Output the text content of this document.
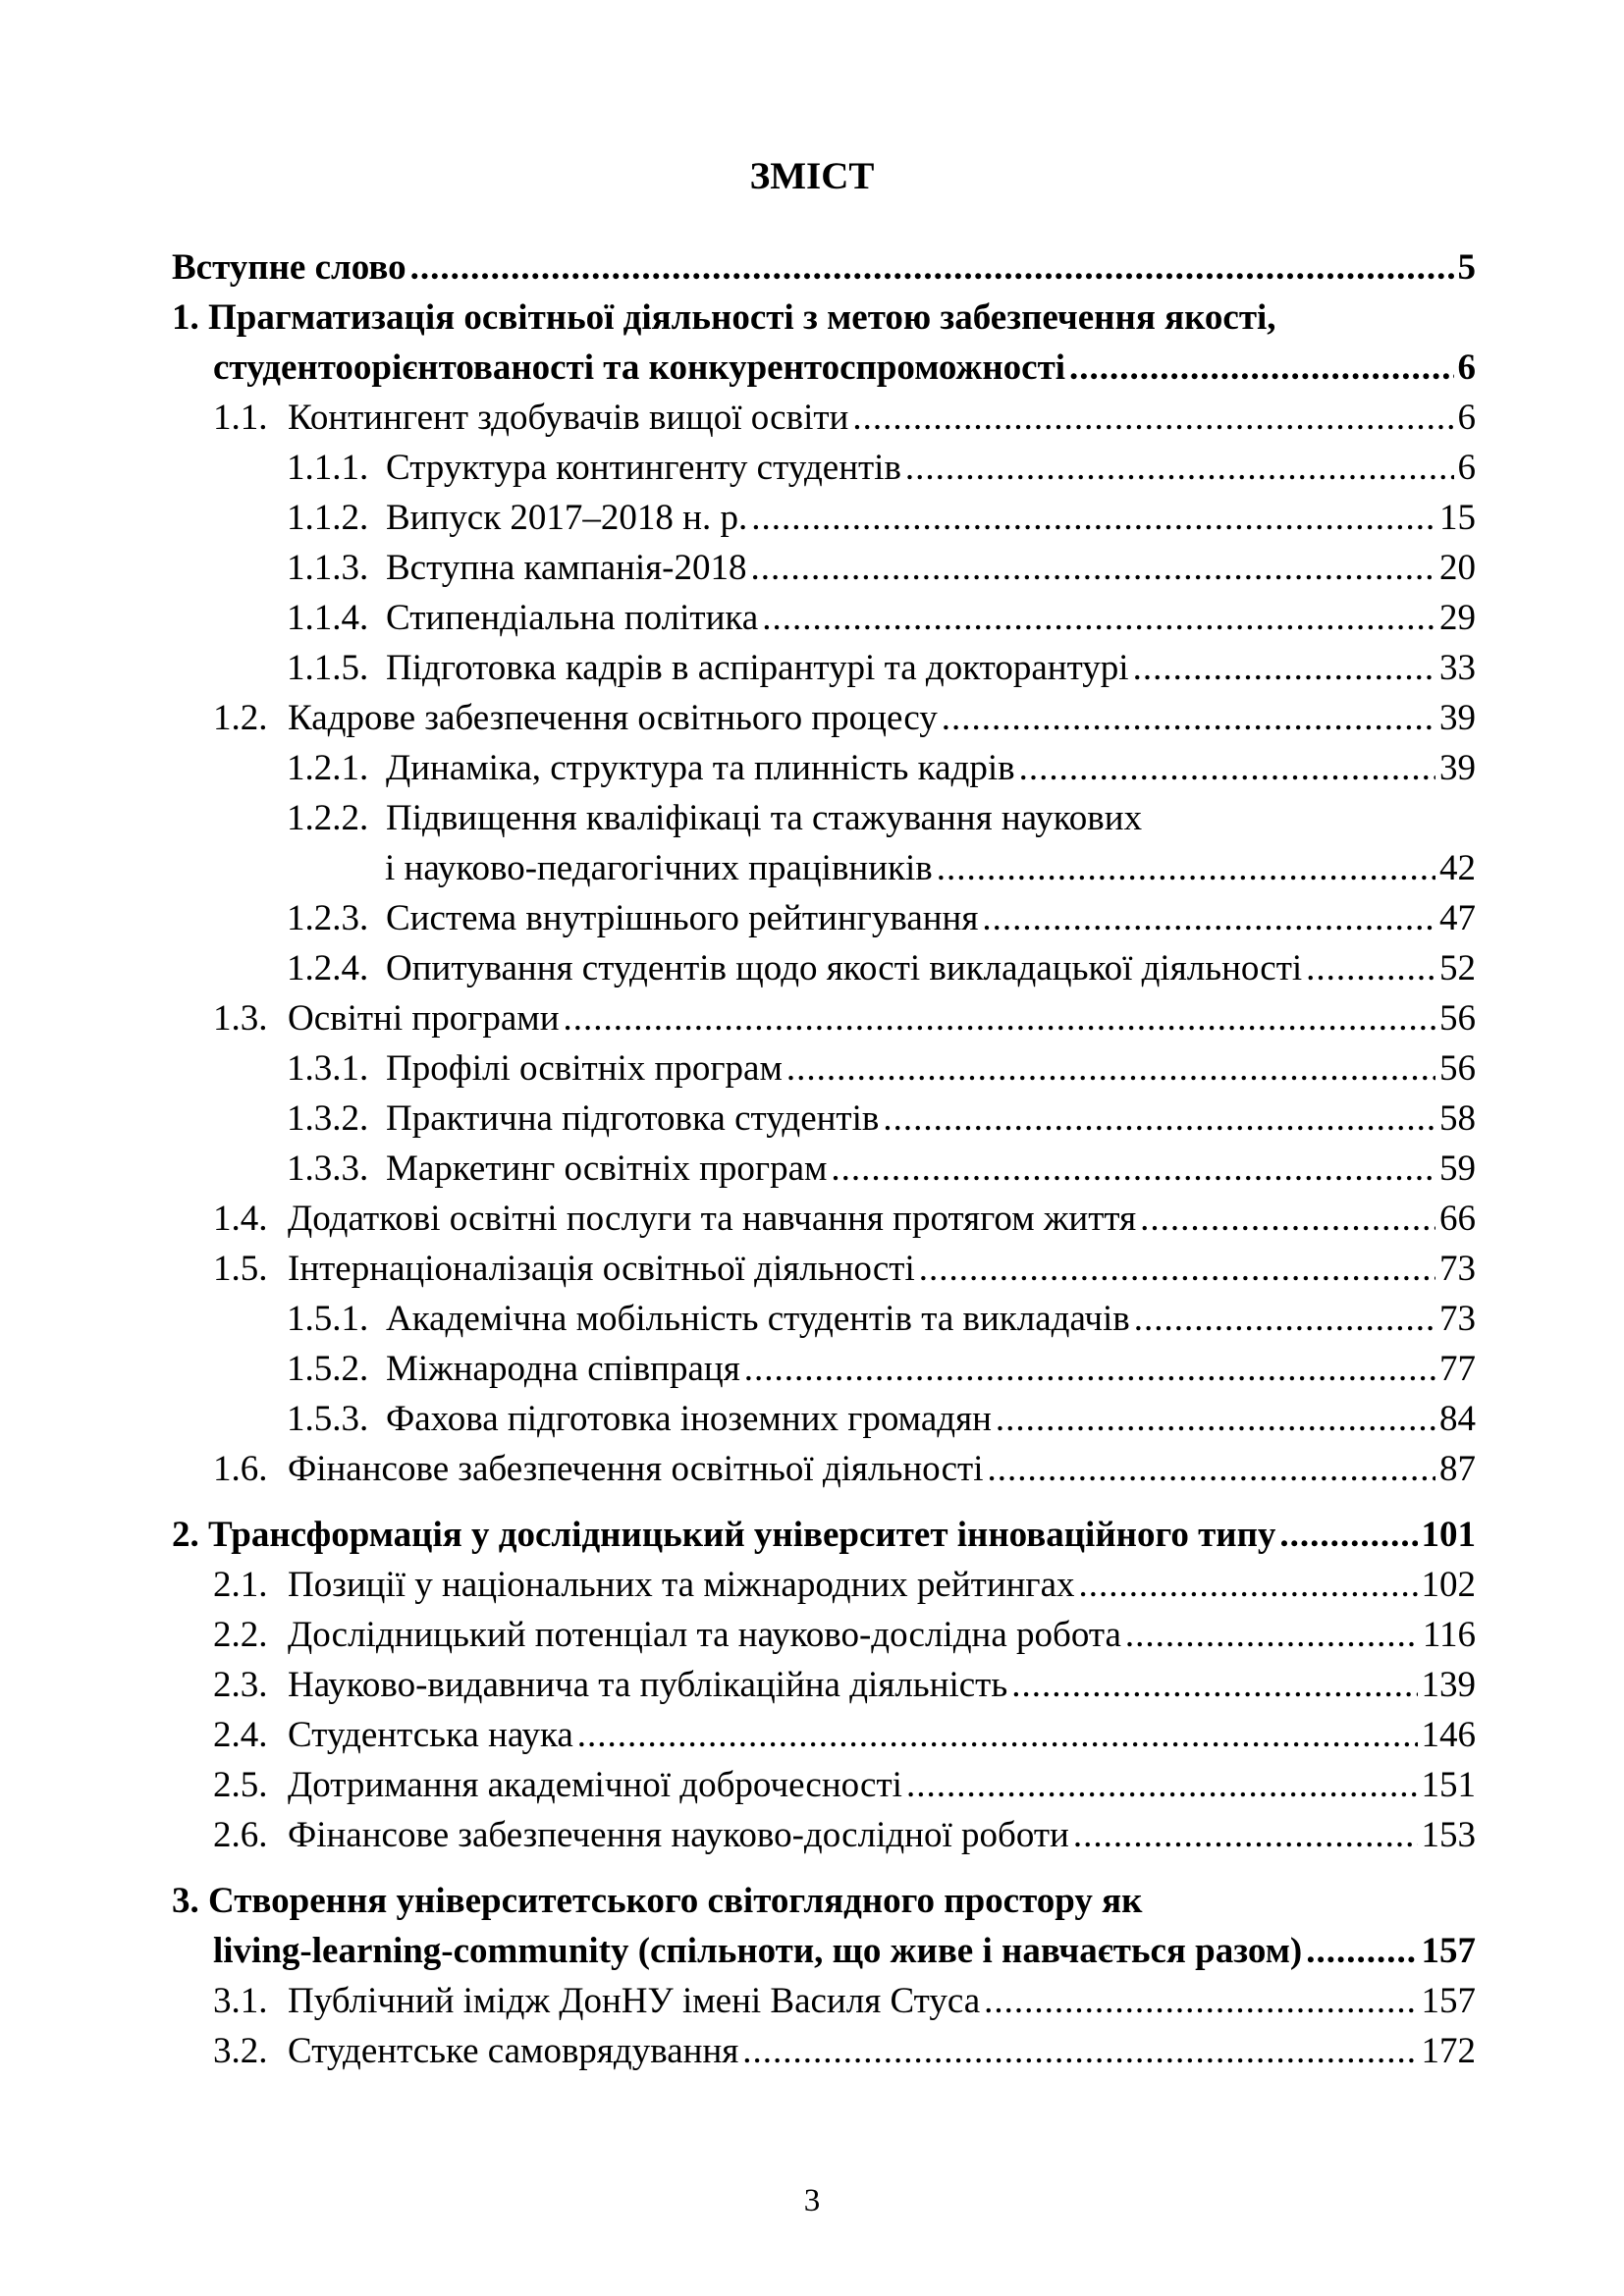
ЗМІСТ
Вступне слово .....	5
1. Прагматизація освітньої діяльності з метою забезпечення якості,
студентоорієнтованості та конкурентоспроможності .....	6
1.1. Контингент здобувачів вищої освіти .....	6
1.1.1. Структура контингенту студентів .....	6
1.1.2. Випуск 2017–2018 н. р. .....	15
1.1.3. Вступна кампанія-2018 .....	20
1.1.4. Стипендіальна політика .....	29
1.1.5. Підготовка кадрів в аспірантурі та докторантурі .....	33
1.2. Кадрове забезпечення освітнього процесу .....	39
1.2.1. Динаміка, структура та плинність кадрів .....	39
1.2.2. Підвищення кваліфікаці та стажування наукових
і науково-педагогічних працівників .....	42
1.2.3. Система внутрішнього рейтингування .....	47
1.2.4. Опитування студентів щодо якості викладацької діяльності .....	52
1.3. Освітні програми .....	56
1.3.1. Профілі освітніх програм .....	56
1.3.2. Практична підготовка студентів .....	58
1.3.3. Маркетинг освітніх програм .....	59
1.4. Додаткові освітні послуги та навчання протягом життя .....	66
1.5. Інтернаціоналізація освітньої діяльності .....	73
1.5.1. Академічна мобільність студентів та викладачів .....	73
1.5.2. Міжнародна співпраця .....	77
1.5.3. Фахова підготовка іноземних громадян .....	84
1.6. Фінансове забезпечення освітньої діяльності .....	87
2. Трансформація у дослідницький університет інноваційного типу .....	101
2.1. Позиції у національних та міжнародних рейтингах .....	102
2.2. Дослідницький потенціал та науково-дослідна робота .....	116
2.3. Науково-видавнича та публікаційна діяльність .....	139
2.4. Студентська наука .....	146
2.5. Дотримання академічної доброчесності .....	151
2.6. Фінансове забезпечення науково-дослідної роботи .....	153
3. Створення університетського світоглядного простору як
living-learning-community (спільноти, що живе і навчається разом) .....	157
3.1. Публічний імідж ДонНУ імені Василя Стуса .....	157
3.2. Студентське самоврядування .....	172
3
